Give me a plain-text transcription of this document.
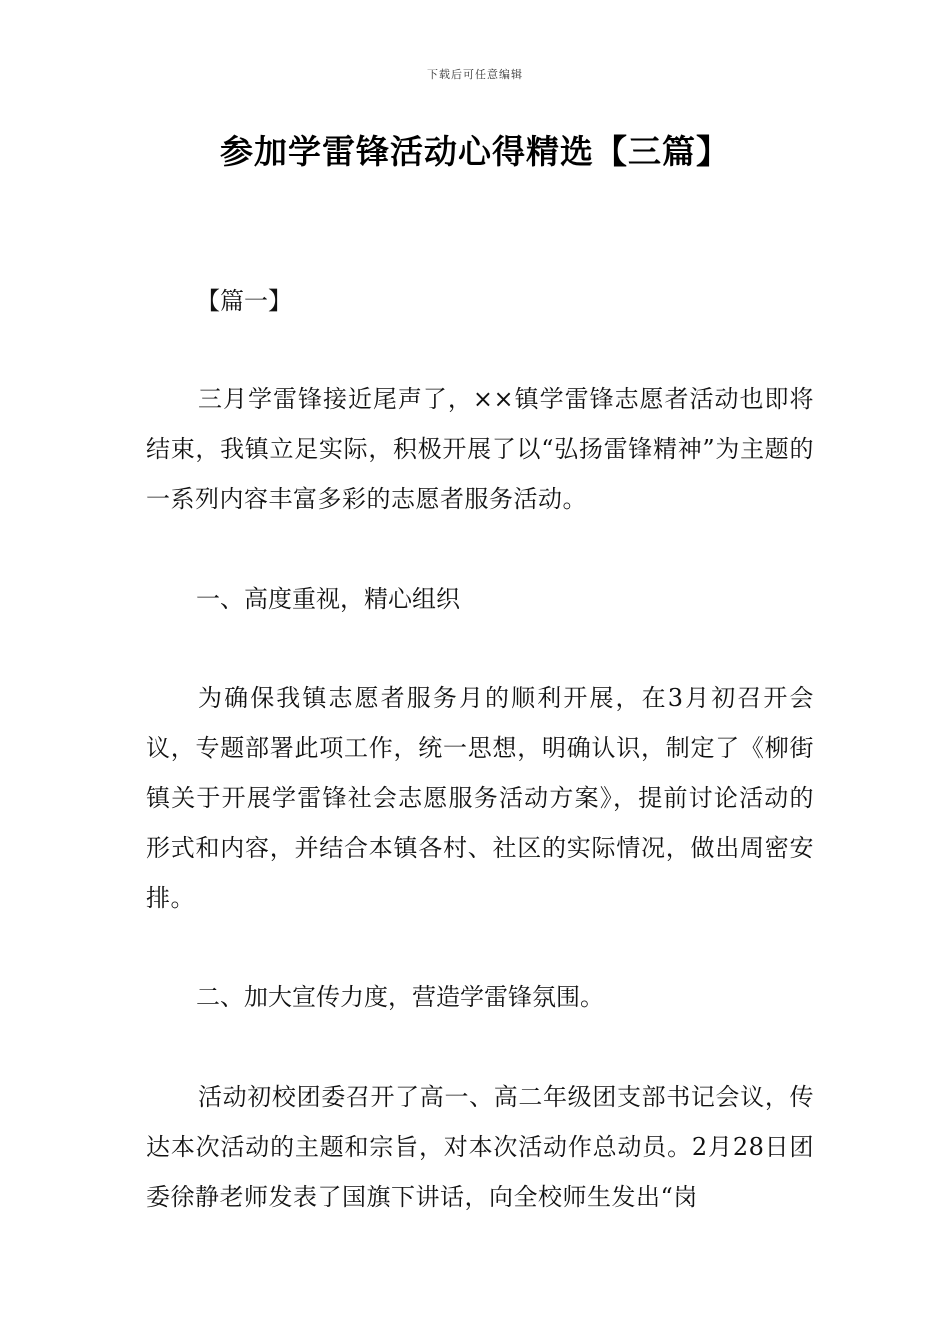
下载后可任意编辑
参加学雷锋活动心得精选【三篇】

【篇一】

三月学雷锋接近尾声了，××镇学雷锋志愿者活动也即将结束，我镇立足实际，积极开展了以“弘扬雷锋精神”为主题的一系列内容丰富多彩的志愿者服务活动。

一、高度重视，精心组织

为确保我镇志愿者服务月的顺利开展，在3月初召开会议，专题部署此项工作，统一思想，明确认识，制定了《柳街镇关于开展学雷锋社会志愿服务活动方案》，提前讨论活动的形式和内容，并结合本镇各村、社区的实际情况，做出周密安排。

二、加大宣传力度，营造学雷锋氛围。

活动初校团委召开了高一、高二年级团支部书记会议，传达本次活动的主题和宗旨，对本次活动作总动员。2月28日团委徐静老师发表了国旗下讲话，向全校师生发出“岗
